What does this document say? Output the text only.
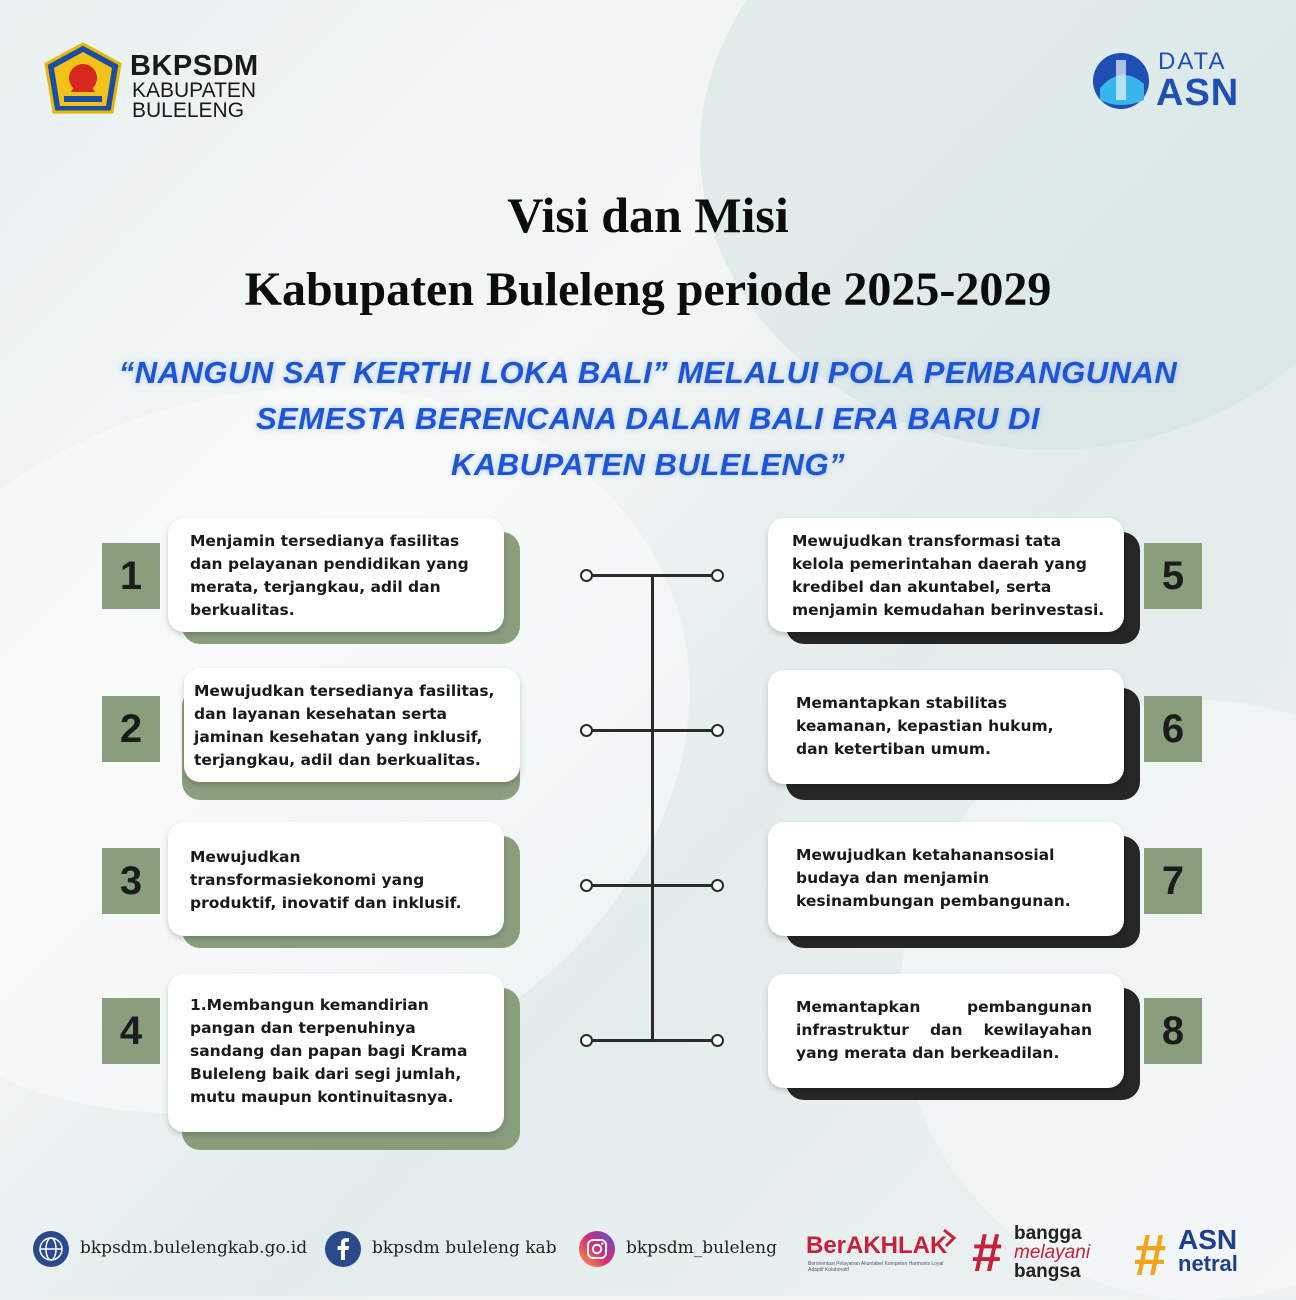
BKPSDM
KABUPATEN
BULELENG
DATA
ASN
Visi dan Misi
Kabupaten Buleleng periode 2025-2029
“NANGUN SAT KERTHI LOKA BALI” MELALUI POLA PEMBANGUNAN
SEMESTA BERENCANA DALAM BALI ERA BARU DI
KABUPATEN BULELENG”
1
Menjamin tersedianya fasilitas dan pelayanan pendidikan yang merata, terjangkau, adil dan berkualitas.
2
Mewujudkan tersedianya fasilitas, dan layanan kesehatan serta jaminan kesehatan yang inklusif, terjangkau, adil dan berkualitas.
3
Mewujudkan transformasiekonomi yang produktif, inovatif dan inklusif.
4
1.Membangun kemandirian pangan dan terpenuhinya sandang dan papan bagi Krama Buleleng baik dari segi jumlah, mutu maupun kontinuitasnya.
5
Mewujudkan transformasi tata kelola pemerintahan daerah yang kredibel dan akuntabel, serta menjamin kemudahan berinvestasi.
6
Memantapkan stabilitas keamanan, kepastian hukum, dan ketertiban umum.
7
Mewujudkan ketahanansosial budaya dan menjamin kesinambungan pembangunan.
8
Memantapkan pembangunan infrastruktur dan kewilayahan yang merata dan berkeadilan.
bkpsdm.bulelengkab.go.id	bkpsdm buleleng kab	bkpsdm_buleleng BerAKHLAK
Berorientasi Pelayanan Akuntabel Kompeten Harmonis Loyal Adaptif Kolaboratif	# bangga
melayani
bangsa # ASN
netral
